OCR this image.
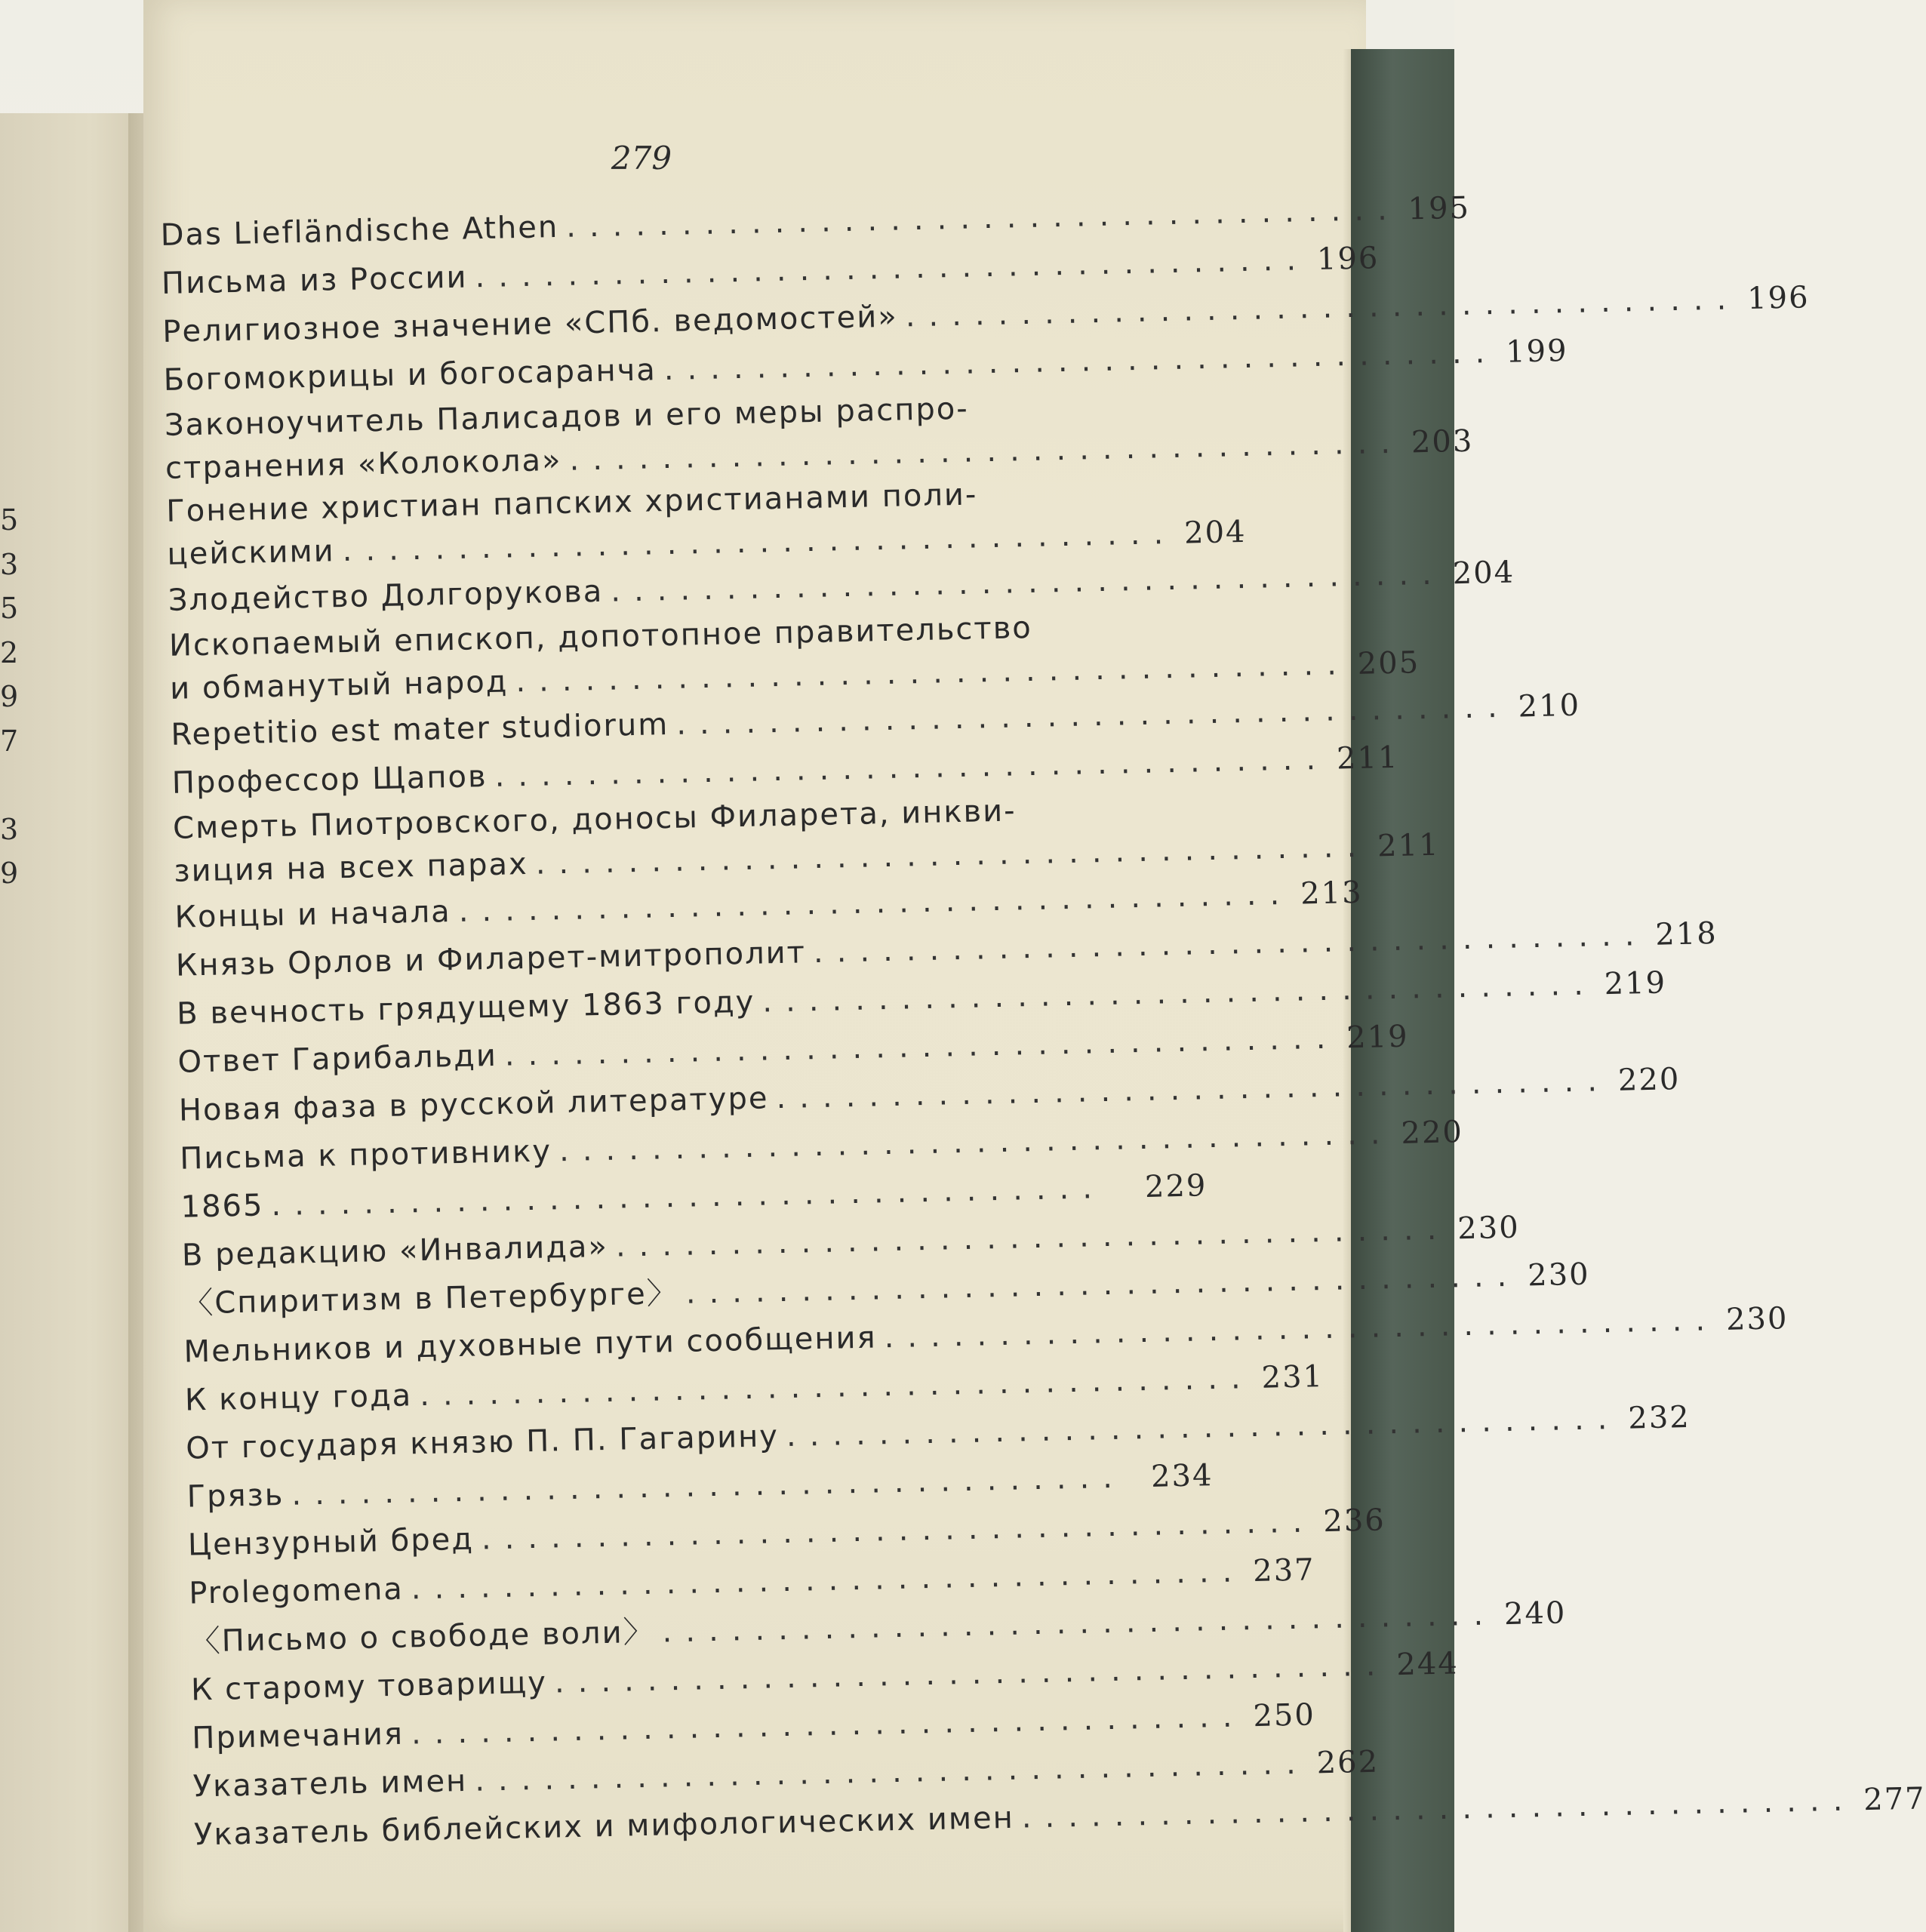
5
3
5
2
9
7
3
9
279
Das Lieflӓndische Athen .................................... 195
Письма из России .................................... 196
Религиозное значение «СПб. ведомостей» .................................... 196
Богомокрицы и богосаранча .................................... 199
Законоучитель Палисадов и его меры распро-
странения «Колокола» .................................... 203
Гонение христиан папских христианами поли-
цейскими .................................... 204
Злодейство Долгорукова .................................... 204
Ископаемый епископ, допотопное правительство
и обманутый народ .................................... 205
Repetitio est mater studiorum .................................... 210
Профессор Щапов .................................... 211
Смерть Пиотровского, доносы Филарета, инкви-
зиция на всех парах .................................... 211
Концы и начала .................................... 213
Князь Орлов и Филарет-митрополит .................................... 218
В вечность грядущему 1863 году .................................... 219
Ответ Гарибальди .................................... 219
Новая фаза в русской литературе .................................... 220
Письма к противнику .................................... 220
1865 ....................................	229
В редакцию «Инвалида» .................................... 230
〈Спиритизм в Петербурге〉 .................................... 230
Мельников и духовные пути сообщения .................................... 230
К концу года .................................... 231
От государя князю П. П. Гагарину .................................... 232
Грязь .................................... 234
Цензурный бред .................................... 236
Prolegomena .................................... 237
〈Письмо о свободе воли〉 .................................... 240
К старому товарищу .................................... 244
Примечания .................................... 250
Указатель имен .................................... 262
Указатель библейских и мифологических имен .................................... 277
